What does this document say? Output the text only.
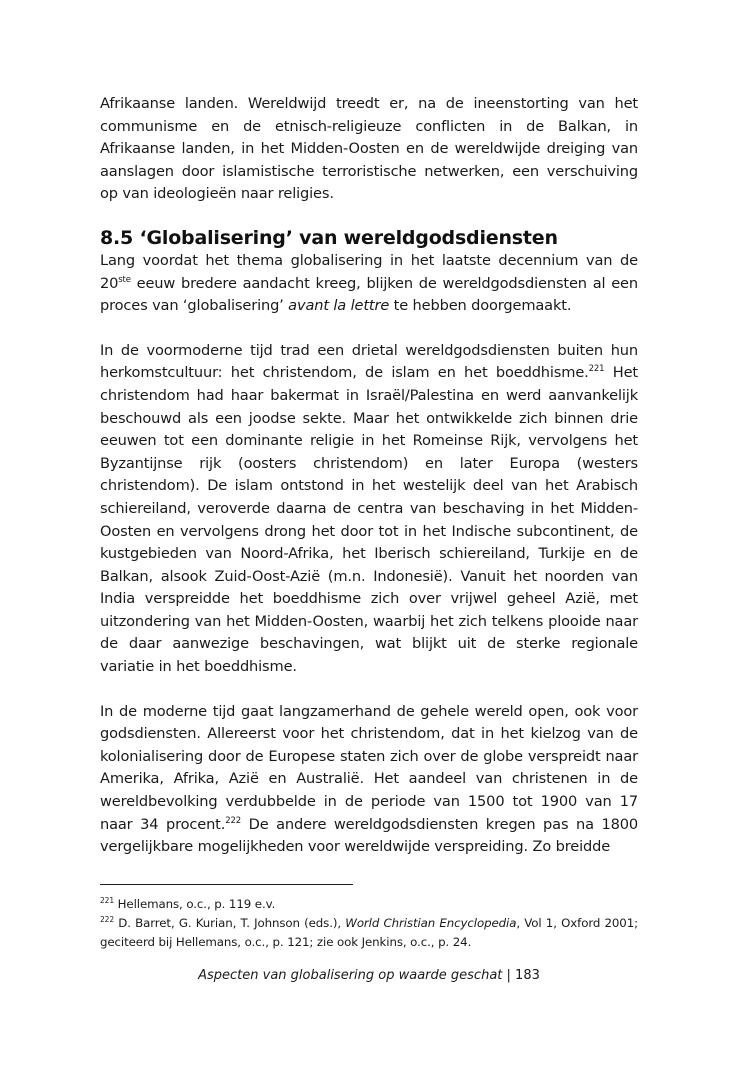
Afrikaanse landen. Wereldwijd treedt er, na de ineenstorting van het communisme en de etnisch-religieuze conflicten in de Balkan, in Afrikaanse landen, in het Midden-Oosten en de wereldwijde dreiging van aanslagen door islamistische terroristische netwerken, een verschuiving op van ideologieën naar religies.

8.5 ‘Globalisering’ van wereldgodsdiensten

Lang voordat het thema globalisering in het laatste decennium van de 20ste eeuw bredere aandacht kreeg, blijken de wereldgodsdiensten al een proces van ‘globalisering’ avant la lettre te hebben doorgemaakt.

In de voormoderne tijd trad een drietal wereldgodsdiensten buiten hun herkomstcultuur: het christendom, de islam en het boeddhisme.$^{221}$ Het christendom had haar bakermat in Israël/Palestina en werd aanvankelijk beschouwd als een joodse sekte. Maar het ontwikkelde zich binnen drie eeuwen tot een dominante religie in het Romeinse Rijk, vervolgens het Byzantijnse rijk (oosters christendom) en later Europa (westers christendom). De islam ontstond in het westelijk deel van het Arabisch schiereiland, veroverde daarna de centra van beschaving in het Midden-Oosten en vervolgens drong het door tot in het Indische subcontinent, de kustgebieden van Noord-Afrika, het Iberisch schiereiland, Turkije en de Balkan, alsook Zuid-Oost-Azië (m.n. Indonesië). Vanuit het noorden van India verspreidde het boeddhisme zich over vrijwel geheel Azië, met uitzondering van het Midden-Oosten, waarbij het zich telkens plooide naar de daar aanwezige beschavingen, wat blijkt uit de sterke regionale variatie in het boeddhisme.

In de moderne tijd gaat langzamerhand de gehele wereld open, ook voor godsdiensten. Allereerst voor het christendom, dat in het kielzog van de kolonialisering door de Europese staten zich over de globe verspreidt naar Amerika, Afrika, Azië en Australië. Het aandeel van christenen in de wereldbevolking verdubbelde in de periode van 1500 tot 1900 van 17 naar 34 procent.$^{222}$ De andere wereldgodsdiensten kregen pas na 1800 vergelijkbare mogelijkheden voor wereldwijde verspreiding. Zo breidde

$^{221}$ Hellemans, o.c., p. 119 e.v.

$^{222}$ D. Barret, G. Kurian, T. Johnson (eds.), World Christian Encyclopedia, Vol 1, Oxford 2001; geciteerd bij Hellemans, o.c., p. 121; zie ook Jenkins, o.c., p. 24.

Aspecten van globalisering op waarde geschat | 183
